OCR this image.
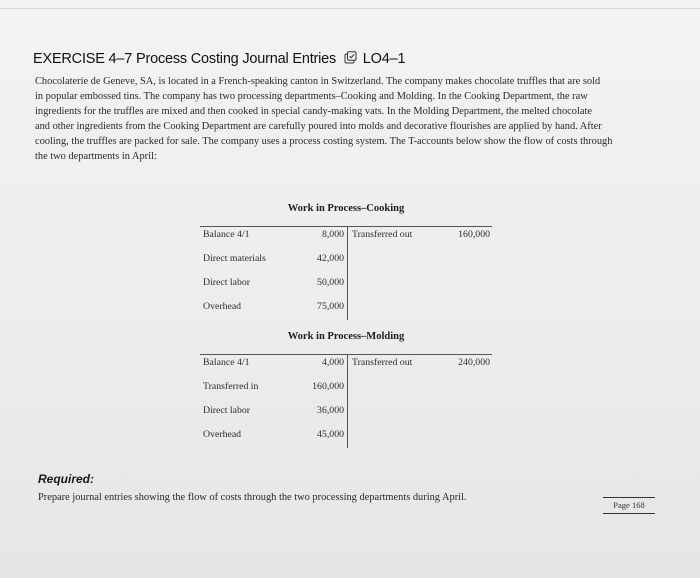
EXERCISE 4–7 Process Costing Journal Entries LO4–1

Chocolaterie de Geneve, SA, is located in a French-speaking canton in Switzerland. The company makes chocolate truffles that are sold

in popular embossed tins. The company has two processing departments–Cooking and Molding. In the Cooking Department, the raw

ingredients for the truffles are mixed and then cooked in special candy-making vats. In the Molding Department, the melted chocolate

and other ingredients from the Cooking Department are carefully poured into molds and decorative flourishes are applied by hand. After

cooling, the truffles are packed for sale. The company uses a process costing system. The T-accounts below show the flow of costs through

the two departments in April:

Work in Process–Cooking
Balance 4/1	8,000 Transferred out	160,000
Direct materials	42,000
Direct labor	50,000
Overhead	75,000
Work in Process–Molding
Balance 4/1	4,000 Transferred out	240,000
Transferred in	160,000
Direct labor	36,000
Overhead	45,000
Required:
Prepare journal entries showing the flow of costs through the two processing departments during April.
Page 168
